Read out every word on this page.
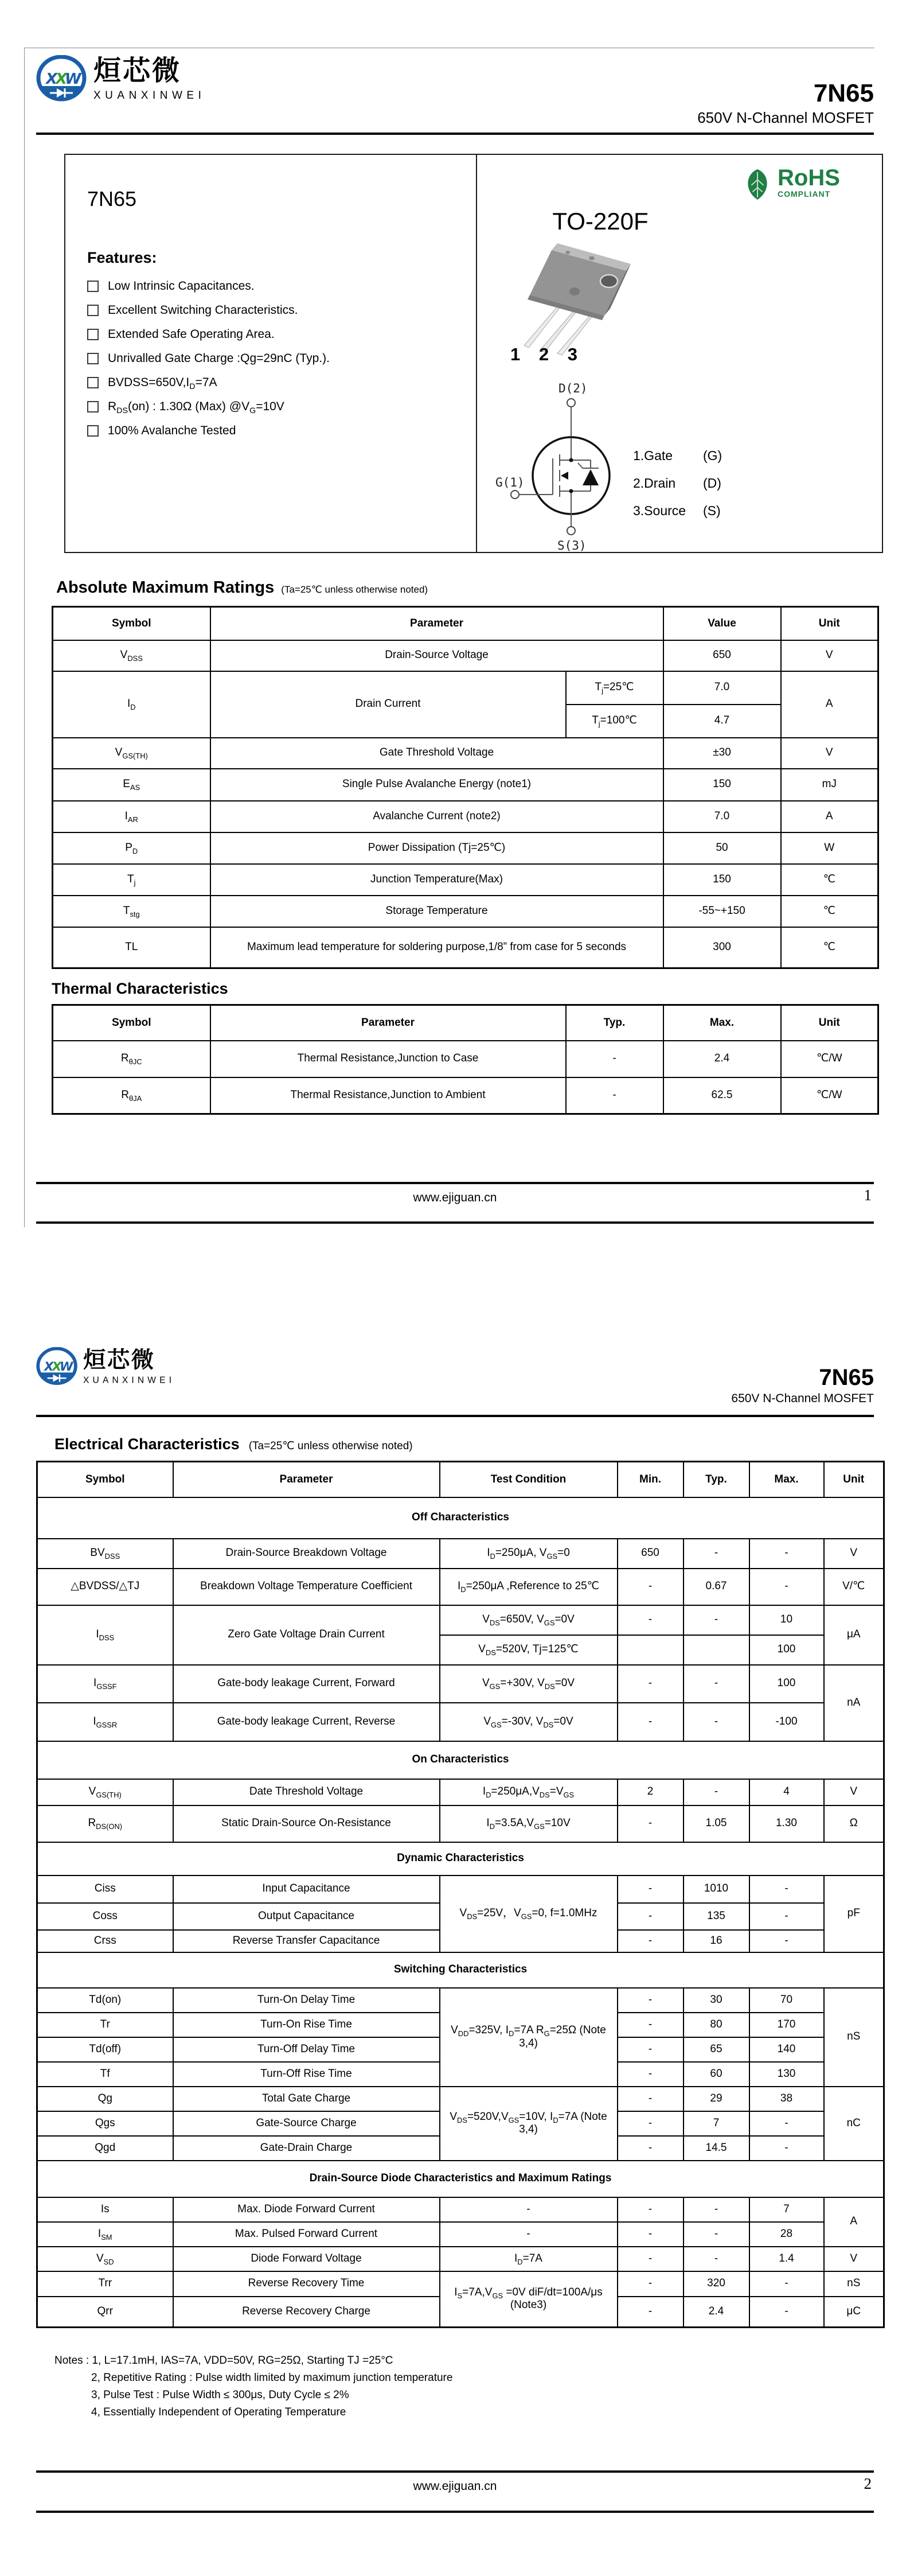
X
X
W 烜芯微
XUANXINWEI	7N65
650V N-Channel MOSFET
7N65
Features:
Low Intrinsic Capacitances.
Excellent Switching Characteristics.
Extended Safe Operating Area.
Unrivalled Gate Charge :Qg=29nC (Typ.).
$BVDSS=650V,I_D=7A$
$R_{DS}(on)$ : 1.30Ω (Max) $@V_G=10V$
100% Avalanche Tested
TO-220F
RoHS
COMPLIANT
1 2 3
D(2)
G(1)
S(3)
1.Gate	(G)
2.Drain	(D)
3.Source	(S)
Absolute Maximum Ratings (Ta=25℃ unless otherwise noted)
Symbol	Parameter		Value	Unit
$V_{DSS}$	Drain-Source Voltage		650	V
$I_D$	Drain Current	$T_j=25℃$	7.0	A
		$T_j=100℃$	4.7	
$V_{GS(TH)}$	Gate Threshold Voltage		±30	V
$E_{AS}$	Single Pulse Avalanche Energy (note1)		150	mJ
$I_{AR}$	Avalanche Current (note2)		7.0	A
$P_D$	Power Dissipation (Tj=25℃)		50	W
$T_j$	Junction Temperature(Max)		150	℃
$T_{stg}$	Storage Temperature		-55~+150	℃
TL	Maximum lead temperature for soldering purpose,1/8” from case for 5 seconds		300	℃
Thermal Characteristics
Symbol	Parameter	Typ.	Max.	Unit
$R_{\theta JC}$	Thermal Resistance,Junction to Case	-	2.4	℃/W
$R_{\theta JA}$	Thermal Resistance,Junction to Ambient	-	62.5	℃/W
www.ejiguan.cn	1
X
X
W 烜芯微
XUANXINWEI	7N65
650V N-Channel MOSFET
Electrical Characteristics (Ta=25℃ unless otherwise noted)
Symbol	Parameter	Test Condition	Min.	Typ.	Max.	Unit
Off Characteristics						
$BV_{DSS}$	Drain-Source Breakdown Voltage	$I_D=250\mu A$, $V_{GS}=0$	650	-	-	V
△BVDSS/△TJ	Breakdown Voltage Temperature Coefficient	$I_D=250\mu A$ ,Reference to 25℃	-	0.67	-	V/℃
$I_{DSS}$	Zero Gate Voltage Drain Current	$V_{DS}=650V$, $V_{GS}=0V$	-	-	10	μA
		$V_{DS}=520V$, Tj=125℃			100	
$I_{GSSF}$	Gate-body leakage Current, Forward	$V_{GS}=+30V$, $V_{DS}=0V$	-	-	100	nA
$I_{GSSR}$	Gate-body leakage Current, Reverse	$V_{GS}=-30V$, $V_{DS}=0V$	-	-	-100	
On Characteristics						
$V_{GS(TH)}$	Date Threshold Voltage	$I_D=250\mu A,V_{DS}=V_{GS}$	2	-	4	V
$R_{DS(ON)}$	Static Drain-Source On-Resistance	$I_D=3.5A,V_{GS}=10V$	-	1.05	1.30	Ω
Dynamic Characteristics						
Ciss	Input Capacitance	$V_{DS}=25V$，$V_{GS}=0$, f=1.0MHz	-	1010	-	pF
Coss	Output Capacitance		-	135	-	
Crss	Reverse Transfer Capacitance		-	16	-	
Switching Characteristics						
Td(on)	Turn-On Delay Time	$V_{DD}=325V$, $I_D=7A$ $R_G=25\Omega$ (Note 3,4)	-	30	70	nS
Tr	Turn-On Rise Time		-	80	170	
Td(off)	Turn-Off Delay Time		-	65	140	
Tf	Turn-Off Rise Time		-	60	130	
Qg	Total Gate Charge	$V_{DS}=520V,V_{GS}=10V$, $I_D=7A$ (Note 3,4)	-	29	38	nC
Qgs	Gate-Source Charge		-	7	-	
Qgd	Gate-Drain Charge		-	14.5	-	
Drain-Source Diode Characteristics and Maximum Ratings						
Is	Max. Diode Forward Current	-	-	-	7	A
$I_{SM}$	Max. Pulsed Forward Current	-	-	-	28	
$V_{SD}$	Diode Forward Voltage	$I_D=7A$	-	-	1.4	V
Trr	Reverse Recovery Time	$I_S=7A,V_{GS} =0V$ diF/dt=100A/μs (Note3)	-	320	-	nS
Qrr	Reverse Recovery Charge		-	2.4	-	μC
Notes : 1, L=17.1mH, IAS=7A, VDD=50V, RG=25Ω, Starting TJ =25°C
2, Repetitive Rating : Pulse width limited by maximum junction temperature
3, Pulse Test : Pulse Width ≤ 300μs, Duty Cycle ≤ 2%
4, Essentially Independent of Operating Temperature
www.ejiguan.cn	2
